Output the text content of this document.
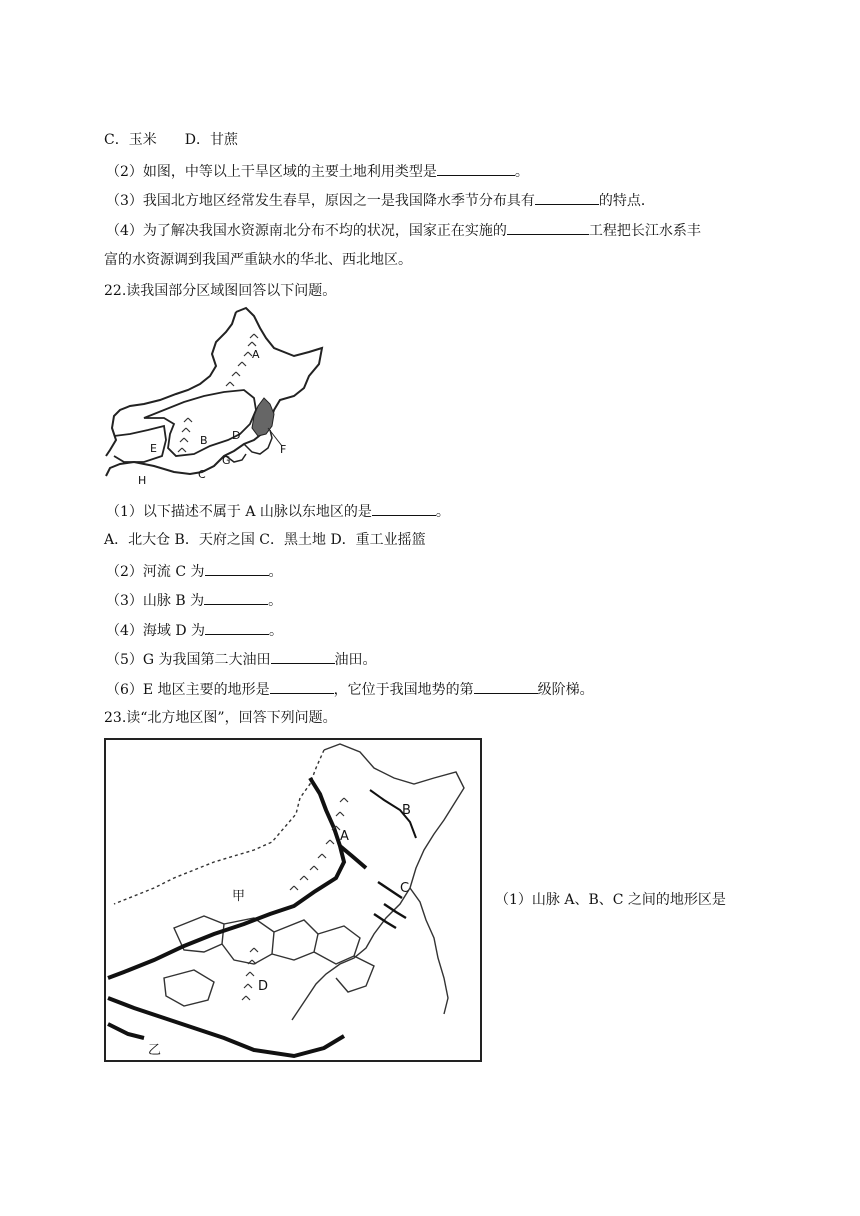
C．玉米 D．甘蔗
（2）如图，中等以上干旱区域的主要土地利用类型是	。
（3）我国北方地区经常发生春旱，原因之一是我国降水季节分布具有	的特点．
（4）为了解决我国水资源南北分布不均的状况，国家正在实施的	工程把长江水系丰
富的水资源调到我国严重缺水的华北、西北地区。
22.读我国部分区域图回答以下问题。
A
B
C
D
E	F
G
H
（1）以下描述不属于 A 山脉以东地区的是	。
A．北大仓 B．天府之国 C．黑土地 D．重工业摇篮
（2）河流 C 为	。
（3）山脉 B 为	。
（4）海域 D 为	。
（5）G 为我国第二大油田	油田。
（6）E 地区主要的地形是	，它位于我国地势的第	级阶梯。
23.读“北方地区图”，回答下列问题。
A
B
C
D
甲
乙
（1）山脉 A、B、C 之间的地形区是
